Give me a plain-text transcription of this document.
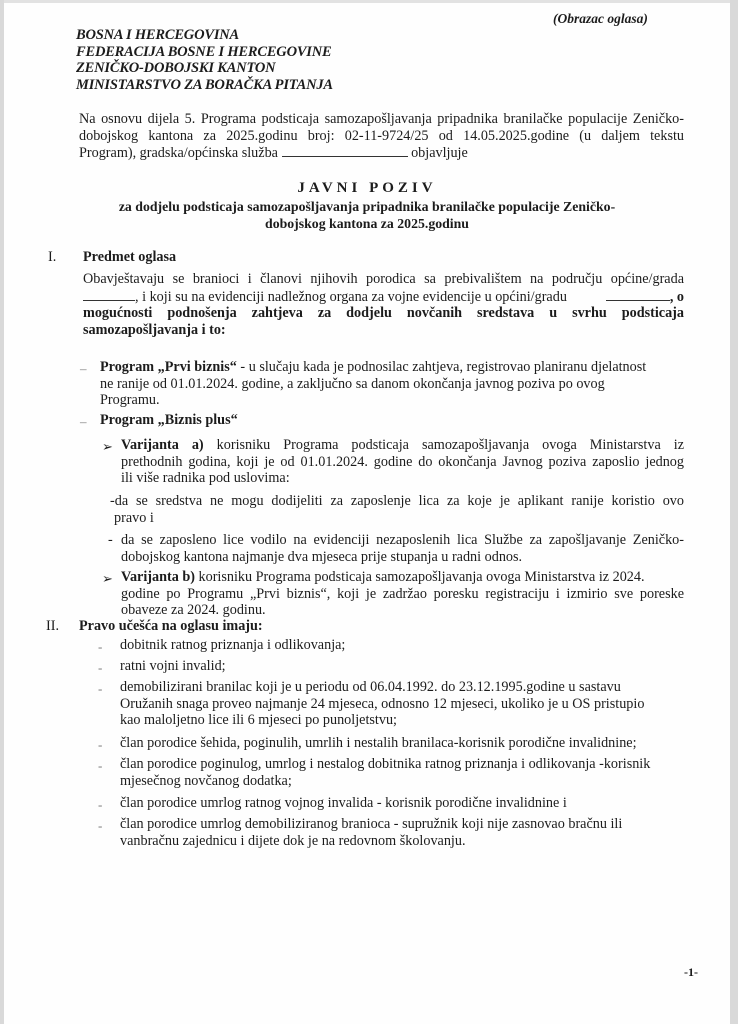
(Obrazac oglasa)
BOSNA I HERCEGOVINA
FEDERACIJA BOSNE I HERCEGOVINE
ZENIČKO-DOBOJSKI KANTON
MINISTARSTVO ZA BORAČKA PITANJA
Na osnovu dijela 5. Programa podsticaja samozapošljavanja pripadnika branilačke populacije Zeničko-
dobojskog kantona za 2025.godinu broj: 02-11-9724/25 od 14.05.2025.godine (u daljem tekstu
Program), gradska/općinska služba	objavljuje
JAVNI POZIV
za dodjelu podsticaja samozapošljavanja pripadnika branilačke populacije Zeničko-
dobojskog kantona za 2025.godinu
I. Predmet oglasa
Obavještavaju se branioci i članovi njihovih porodica sa prebivalištem na području općine/grada
, i koji su na evidenciji nadležnog organa za vojne evidencije u općini/gradu	, o
mogućnosti podnošenja zahtjeva za dodjelu novčanih sredstava u svrhu podsticaja
samozapošljavanja i to:
– Program „Prvi biznis“ - u slučaju kada je podnosilac zahtjeva, registrovao planiranu djelatnost
ne ranije od 01.01.2024. godine, a zaključno sa danom okončanja javnog poziva po ovog
Programu.
– Program „Biznis plus“
➢ Varijanta a) korisniku Programa podsticaja samozapošljavanja ovoga Ministarstva iz
prethodnih godina, koji je od 01.01.2024. godine do okončanja Javnog poziva zaposlio jednog
ili više radnika pod uslovima:
-da se sredstva ne mogu dodijeliti za zaposlenje lica za koje je aplikant ranije koristio ovo
pravo i
- da se zaposleno lice vodilo na evidenciji nezaposlenih lica Službe za zapošljavanje Zeničko-
dobojskog kantona najmanje dva mjeseca prije stupanja u radni odnos.
➢ Varijanta b) korisniku Programa podsticaja samozapošljavanja ovoga Ministarstva iz 2024.
godine po Programu „Prvi biznis“, koji je zadržao poresku registraciju i izmirio sve poreske
obaveze za 2024. godinu.
II. Pravo učešća na oglasu imaju:
- dobitnik ratnog priznanja i odlikovanja;
- ratni vojni invalid;
- demobilizirani branilac koji je u periodu od 06.04.1992. do 23.12.1995.godine u sastavu
Oružanih snaga proveo najmanje 24 mjeseca, odnosno 12 mjeseci, ukoliko je u OS pristupio
kao maloljetno lice ili 6 mjeseci po punoljetstvu;
- član porodice šehida, poginulih, umrlih i nestalih branilaca-korisnik porodične invalidnine;
- član porodice poginulog, umrlog i nestalog dobitnika ratnog priznanja i odlikovanja -korisnik
mjesečnog novčanog dodatka;
- član porodice umrlog ratnog vojnog invalida - korisnik porodične invalidnine i
- član porodice umrlog demobiliziranog branioca - supružnik koji nije zasnovao bračnu ili
vanbračnu zajednicu i dijete dok je na redovnom školovanju.
-1-
